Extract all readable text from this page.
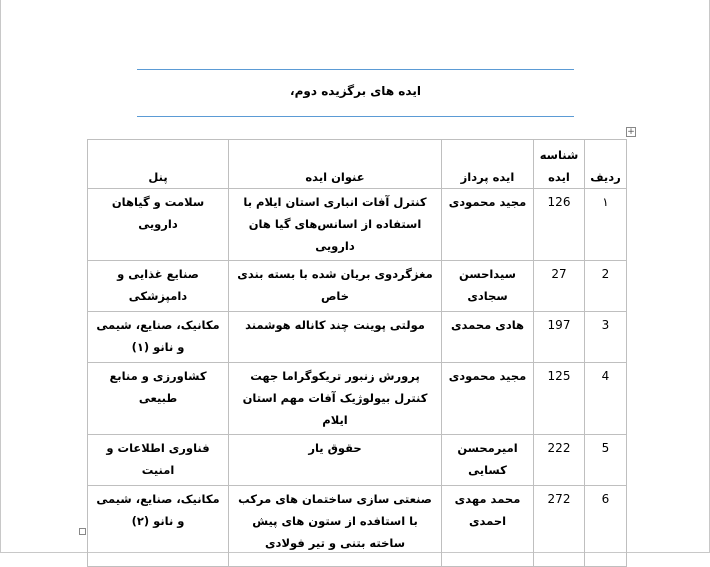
ایده های برگزیده دوم،
+
ردیف	شناسه ایده	ایده پرداز	عنوان ایده	پنل
۱	126	مجید محمودی	کنترل آفات انباری استان ایلام با استفاده از اسانس‌های گیا هان دارویی	سلامت و گیاهان دارویی
2	27	سیداحسن سجادی	مغزگردوی بریان شده با بسته بندی خاص	صنایع غذایی و دامپزشکی
3	197	هادی محمدی	مولتی پوینت چند کاناله هوشمند	مکانیک، صنایع، شیمی و نانو (۱)
4	125	مجید محمودی	پرورش زنبور تریکوگراما جهت کنترل بیولوژیک آفات مهم استان ایلام	کشاورزی و منابع طبیعی
5	222	امیرمحسن کسایی	حقوق یار	فناوری اطلاعات و امنیت
6	272	محمد مهدی احمدی	صنعتی سازی ساختمان های مرکب با استافده از ستون های پیش ساخته بتنی و تیر فولادی	مکانیک، صنایع، شیمی و نانو (۲)
